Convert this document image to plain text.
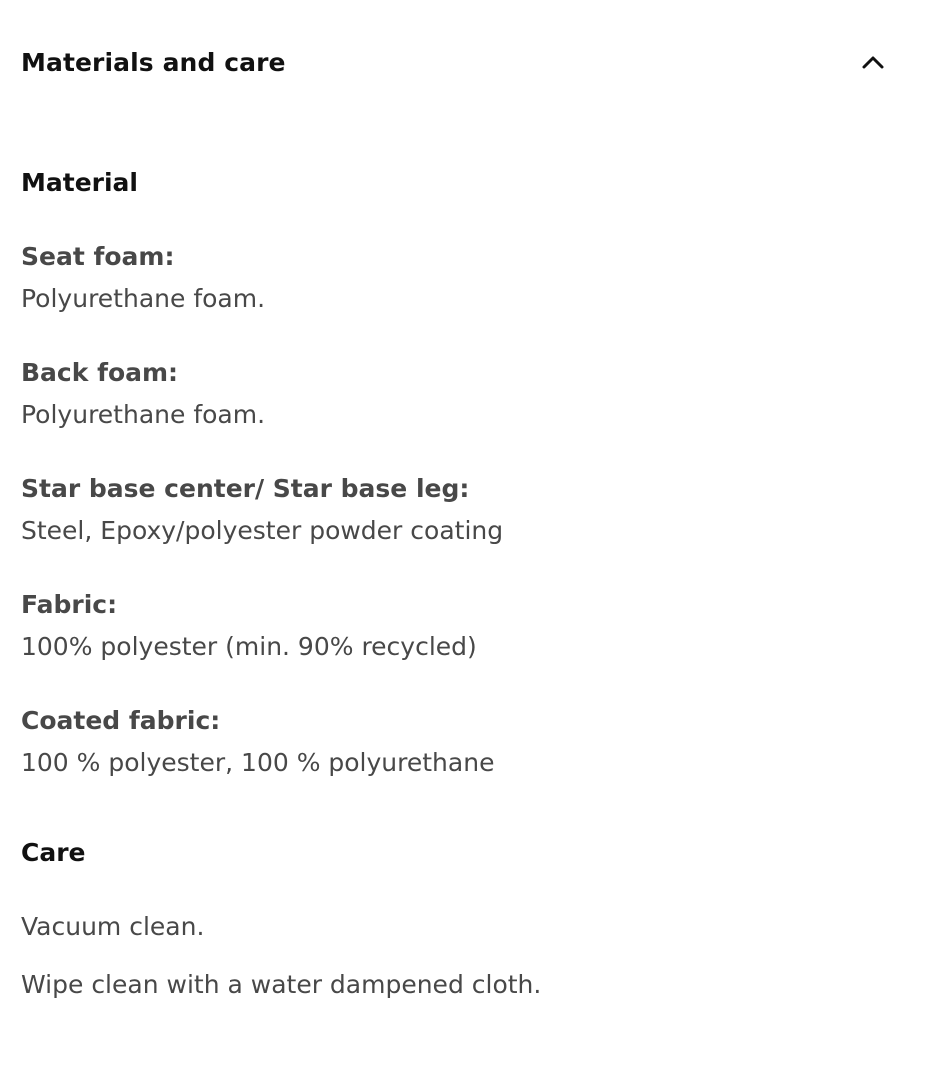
Materials and care
Material
Seat foam:
Polyurethane foam.
Back foam:
Polyurethane foam.
Star base center/ Star base leg:
Steel, Epoxy/polyester powder coating
Fabric:
100% polyester (min. 90% recycled)
Coated fabric:
100 % polyester, 100 % polyurethane
Care
Vacuum clean.
Wipe clean with a water dampened cloth.
